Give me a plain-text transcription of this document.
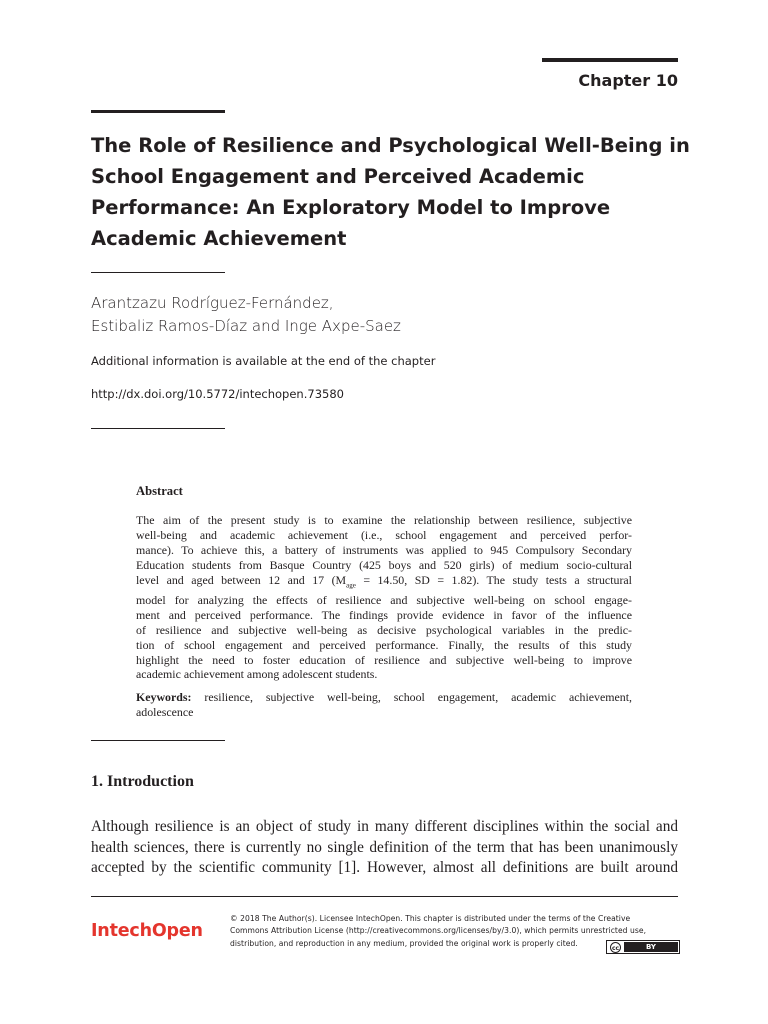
Chapter 10
The Role of Resilience and Psychological Well-Being in
School Engagement and Perceived Academic
Performance: An Exploratory Model to Improve
Academic Achievement
Arantzazu Rodríguez-Fernández,
Estibaliz Ramos-Díaz and Inge Axpe-Saez
Additional information is available at the end of the chapter
http://dx.doi.org/10.5772/intechopen.73580
Abstract
The aim of the present study is to examine the relationship between resilience, subjective
well-being and academic achievement (i.e., school engagement and perceived perfor-
mance). To achieve this, a battery of instruments was applied to 945 Compulsory Secondary
Education students from Basque Country (425 boys and 520 girls) of medium socio-cultural
level and aged between 12 and 17 ($M_{age} = 14.50$, SD = 1.82). The study tests a structural
model for analyzing the effects of resilience and subjective well-being on school engage-
ment and perceived performance. The findings provide evidence in favor of the influence
of resilience and subjective well-being as decisive psychological variables in the predic-
tion of school engagement and perceived performance. Finally, the results of this study
highlight the need to foster education of resilience and subjective well-being to improve
academic achievement among adolescent students.
Keywords: resilience, subjective well-being, school engagement, academic achievement,
adolescence
1. Introduction
Although resilience is an object of study in many different disciplines within the social and
health sciences, there is currently no single definition of the term that has been unanimously
accepted by the scientific community [1]. However, almost all definitions are built around
IntechOpen
© 2018 The Author(s). Licensee IntechOpen. This chapter is distributed under the terms of the Creative
Commons Attribution License (http://creativecommons.org/licenses/by/3.0), which permits unrestricted use,
distribution, and reproduction in any medium, provided the original work is properly cited.
cc	BY
